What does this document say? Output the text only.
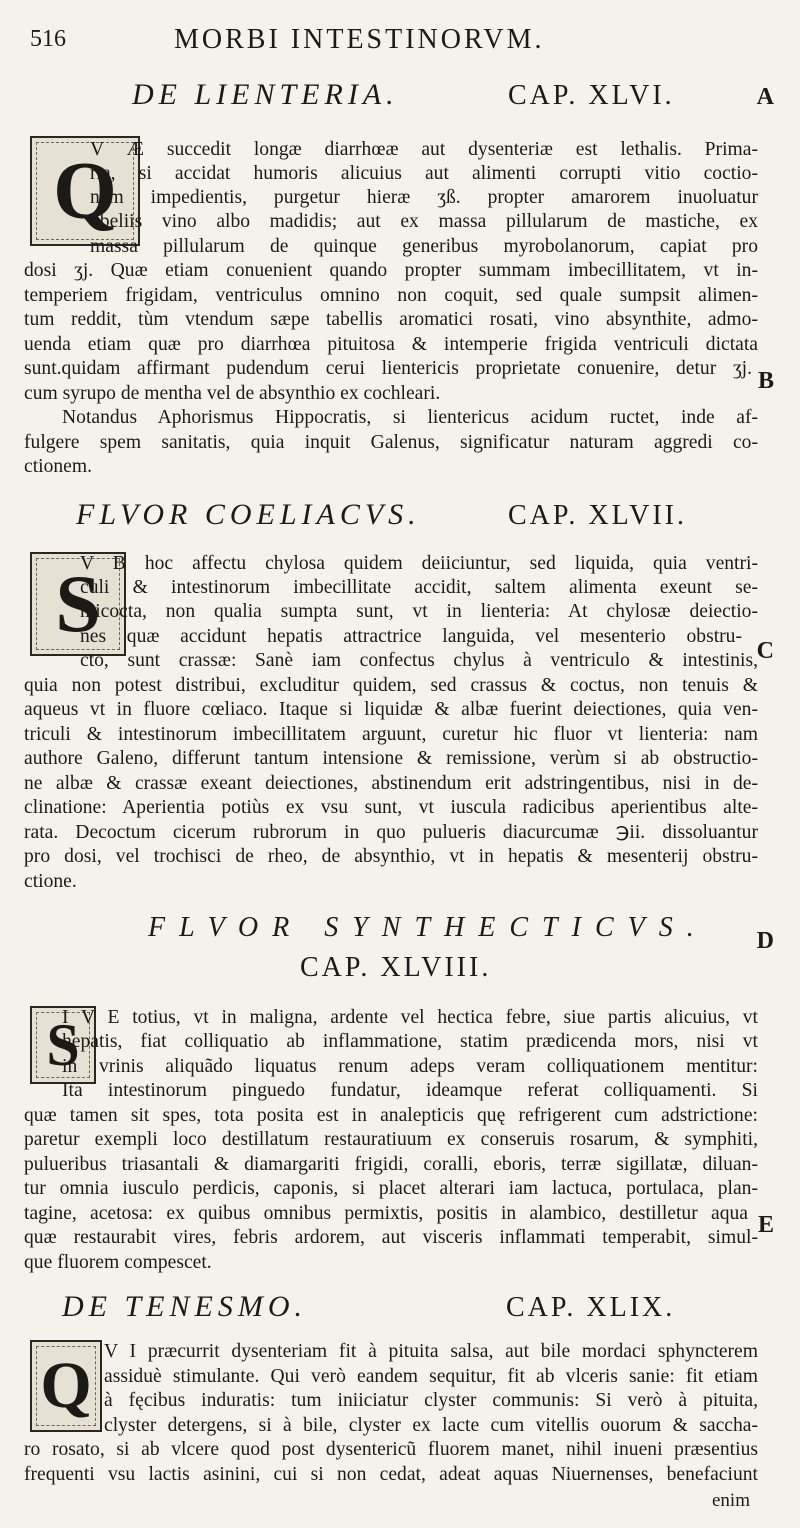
516	MORBI INTESTINORVM.
A
B
C
D
E
DE LIENTERIA.	CAP. XLVI.
Q
V Æ succedit longæ diarrhœæ aut dysenteriæ est lethalis. Prima-
ria, si accidat humoris alicuius aut alimenti corrupti vitio coctio-
nem impedientis, purgetur hieræ ʒß. propter amarorem inuoluatur
obeliis vino albo madidis; aut ex massa pillularum de mastiche, ex
massa pillularum de quinque generibus myrobolanorum, capiat pro
dosi ʒj. Quæ etiam conuenient quando propter summam imbecillitatem, vt in-
temperiem frigidam, ventriculus omnino non coquit, sed quale sumpsit alimen-
tum reddit, tùm vtendum sæpe tabellis aromatici rosati, vino absynthite, admo-
uenda etiam quæ pro diarrhœa pituitosa & intemperie frigida ventriculi dictata
sunt.quidam affirmant pudendum cerui lientericis proprietate conuenire, detur ʒj.
cum syrupo de mentha vel de absynthio ex cochleari.
Notandus Aphorismus Hippocratis, si lientericus acidum ructet, inde af-
fulgere spem sanitatis, quia inquit Galenus, significatur naturam aggredi co-
ctionem.
FLVOR COELIACVS.	CAP. XLVII.
S
V B hoc affectu chylosa quidem deiiciuntur, sed liquida, quia ventri-
culi & intestinorum imbecillitate accidit, saltem alimenta exeunt se-
micocta, non qualia sumpta sunt, vt in lienteria: At chylosæ deiectio-
nes quæ accidunt hepatis attractrice languida, vel mesenterio obstru-
cto, sunt crassæ: Sanè iam confectus chylus à ventriculo & intestinis,
quia non potest distribui, excluditur quidem, sed crassus & coctus, non tenuis &
aqueus vt in fluore cœliaco. Itaque si liquidæ & albæ fuerint deiectiones, quia ven-
triculi & intestinorum imbecillitatem arguunt, curetur hic fluor vt lienteria: nam
authore Galeno, differunt tantum intensione & remissione, verùm si ab obstructio-
ne albæ & crassæ exeant deiectiones, abstinendum erit adstringentibus, nisi in de-
clinatione: Aperientia potiùs ex vsu sunt, vt iuscula radicibus aperientibus alte-
rata. Decoctum cicerum rubrorum in quo pulueris diacurcumæ ℈ii. dissoluantur
pro dosi, vel trochisci de rheo, de absynthio, vt in hepatis & mesenterij obstru-
ctione.
FLVOR SYNTHECTICVS.
CAP. XLVIII.
S
I V E totius, vt in maligna, ardente vel hectica febre, siue partis alicuius, vt
hepatis, fiat colliquatio ab inflammatione, statim prædicenda mors, nisi vt
in vrinis aliquãdo liquatus renum adeps veram colliquationem mentitur:
Ita intestinorum pinguedo fundatur, ideamque referat colliquamenti. Si
quæ tamen sit spes, tota posita est in analepticis quę refrigerent cum adstrictione:
paretur exempli loco destillatum restauratiuum ex conseruis rosarum, & symphiti,
pulueribus triasantali & diamargariti frigidi, coralli, eboris, terræ sigillatæ, diluan-
tur omnia iusculo perdicis, caponis, si placet alterari iam lactuca, portulaca, plan-
tagine, acetosa: ex quibus omnibus permixtis, positis in alambico, destilletur aqua
quæ restaurabit vires, febris ardorem, aut visceris inflammati temperabit, simul-
que fluorem compescet.
DE TENESMO.	CAP. XLIX.
Q V I præcurrit dysenteriam fit à pituita salsa, aut bile mordaci sphyncterem
assiduè stimulante. Qui verò eandem sequitur, fit ab vlceris sanie: fit etiam
à fęcibus induratis: tum iniiciatur clyster communis: Si verò à pituita,
clyster detergens, si à bile, clyster ex lacte cum vitellis ouorum & saccha-
ro rosato, si ab vlcere quod post dysentericũ fluorem manet, nihil inueni præsentius
frequenti vsu lactis asinini, cui si non cedat, adeat aquas Niuernenses, benefaciunt
enim
